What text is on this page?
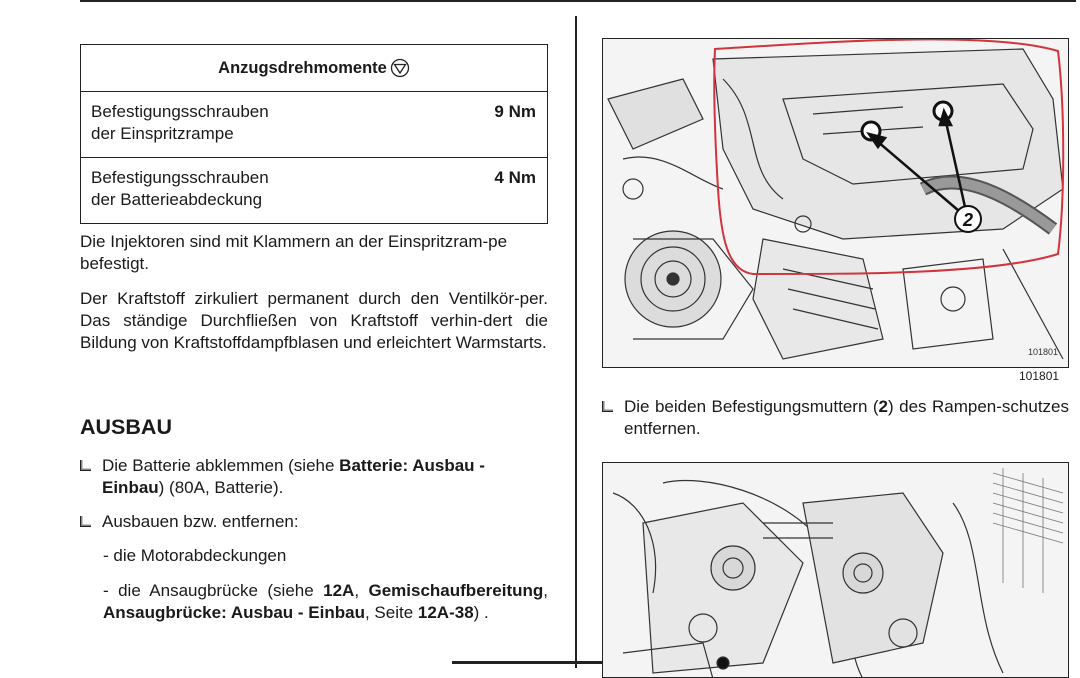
Anzugsdrehmomente
Befestigungsschrauben
der Einspritzrampe
9 Nm
Befestigungsschrauben
der Batterieabdeckung
4 Nm

Die Injektoren sind mit Klammern an der Einspritzram-pe befestigt.

Der Kraftstoff zirkuliert permanent durch den Ventilkör-per. Das ständige Durchfließen von Kraftstoff verhin-dert die Bildung von Kraftstoffdampfblasen und erleichtert Warmstarts.

AUSBAU
Die Batterie abklemmen (siehe Batterie: Ausbau - Einbau) (80A, Batterie).
Ausbauen bzw. entfernen:
- die Motorabdeckungen
- die Ansaugbrücke (siehe 12A, Gemischaufbereitung, Ansaugbrücke: Ausbau - Einbau, Seite 12A-38) .
2
101801
101801
Die beiden Befestigungsmuttern (2) des Rampen-schutzes entfernen.
